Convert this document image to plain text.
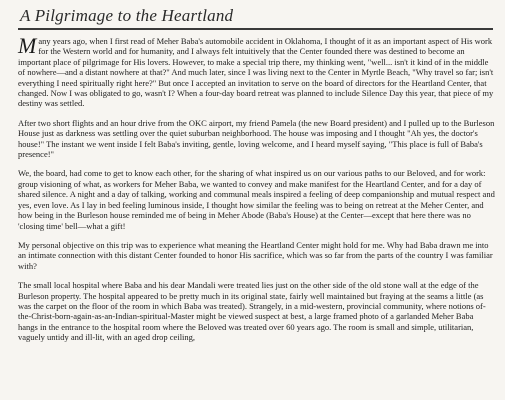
A Pilgrimage to the Heartland

Many years ago, when I first read of Meher Baba's automobile accident in Oklahoma, I thought of it as an important aspect of His work for the Western world and for humanity, and I always felt intuitively that the Center founded there was destined to become an important place of pilgrimage for His lovers. However, to make a special trip there, my thinking went, "well... isn't it kind of in the middle of nowhere—and a distant nowhere at that?" And much later, since I was living next to the Center in Myrtle Beach, "Why travel so far; isn't everything I need spiritually right here?" But once I accepted an invitation to serve on the board of directors for the Heartland Center, that changed. Now I was obligated to go, wasn't I? When a four-day board retreat was planned to include Silence Day this year, that piece of my destiny was settled.

After two short flights and an hour drive from the OKC airport, my friend Pamela (the new Board president) and I pulled up to the Burleson House just as darkness was settling over the quiet suburban neighborhood. The house was imposing and I thought "Ah yes, the doctor's house!" The instant we went inside I felt Baba's inviting, gentle, loving welcome, and I heard myself saying, "This place is full of Baba's presence!"

We, the board, had come to get to know each other, for the sharing of what inspired us on our various paths to our Beloved, and for work: group visioning of what, as workers for Meher Baba, we wanted to convey and make manifest for the Heartland Center, and for a day of shared silence. A night and a day of talking, working and communal meals inspired a feeling of deep companionship and mutual respect and yes, even love. As I lay in bed feeling luminous inside, I thought how similar the feeling was to being on retreat at the Meher Center, and how being in the Burleson house reminded me of being in Meher Abode (Baba's House) at the Center—except that here there was no 'closing time' bell—what a gift!

My personal objective on this trip was to experience what meaning the Heartland Center might hold for me. Why had Baba drawn me into an intimate connection with this distant Center founded to honor His sacrifice, which was so far from the parts of the country I was familiar with?

The small local hospital where Baba and his dear Mandali were treated lies just on the other side of the old stone wall at the edge of the Burleson property. The hospital appeared to be pretty much in its original state, fairly well maintained but fraying at the seams a little (as was the carpet on the floor of the room in which Baba was treated). Strangely, in a mid-western, provincial community, where notions of-the-Christ-born-again-as-an-Indian-spiritual-Master might be viewed suspect at best, a large framed photo of a garlanded Meher Baba hangs in the entrance to the hospital room where the Beloved was treated over 60 years ago. The room is small and simple, utilitarian, vaguely untidy and ill-lit, with an aged drop ceiling,
